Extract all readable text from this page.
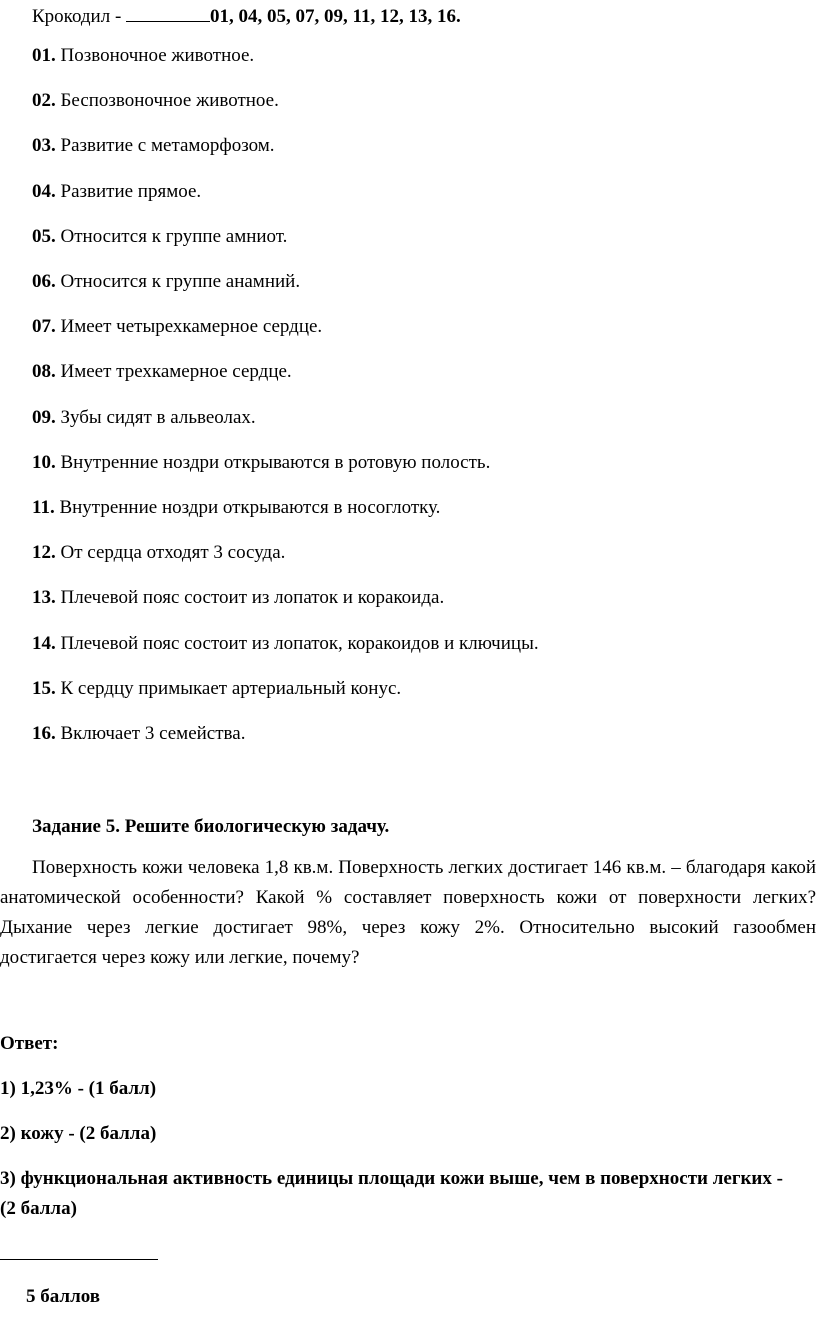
Крокодил -	01, 04, 05, 07, 09, 11, 12, 13, 16.
01. Позвоночное животное.
02. Беспозвоночное животное.
03. Развитие с метаморфозом.
04. Развитие прямое.
05. Относится к группе амниот.
06. Относится к группе анамний.
07. Имеет четырехкамерное сердце.
08. Имеет трехкамерное сердце.
09. Зубы сидят в альвеолах.
10. Внутренние ноздри открываются в ротовую полость.
11. Внутренние ноздри открываются в носоглотку.
12. От сердца отходят 3 сосуда.
13. Плечевой пояс состоит из лопаток и коракоида.
14. Плечевой пояс состоит из лопаток, коракоидов и ключицы.
15. К сердцу примыкает артериальный конус.
16. Включает 3 семейства.
Задание 5. Решите биологическую задачу.
Поверхность кожи человека 1,8 кв.м. Поверхность легких достигает 146 кв.м. – благодаря какой анатомической особенности? Какой % составляет поверхность кожи от поверхности легких? Дыхание через легкие достигает 98%, через кожу 2%. Относительно высокий газообмен достигается через кожу или легкие, почему?
Ответ:
1) 1,23% - (1 балл)
2) кожу - (2 балла)
3) функциональная активность единицы площади кожи выше, чем в поверхности легких - (2 балла)
5 баллов
